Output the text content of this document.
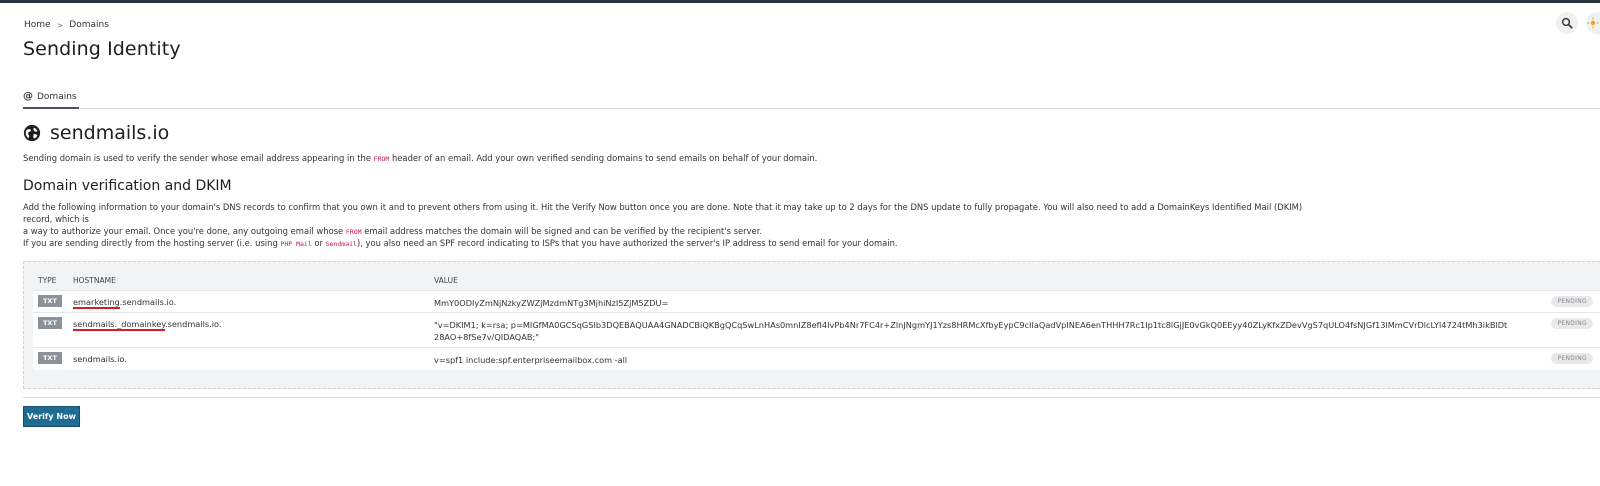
Home > Domains
Sending Identity
@ Domains
sendmails.io

Sending domain is used to verify the sender whose email address appearing in the FROM header of an email. Add your own verified sending domains to send emails on behalf of your domain.

Domain verification and DKIM

Add the following information to your domain's DNS records to confirm that you own it and to prevent others from using it. Hit the Verify Now button once you are done. Note that it may take up to 2 days for the DNS update to fully propagate. You will also need to add a DomainKeys Identified Mail (DKIM) record, which is
a way to authorize your email. Once you're done, any outgoing email whose FROM email address matches the domain will be signed and can be verified by the recipient's server.

If you are sending directly from the hosting server (i.e. using PHP Mail or Sendmail), you also need an SPF record indicating to ISPs that you have authorized the server's IP address to send email for your domain.

TYPE	HOSTNAME	VALUE	
TXT	emarketing.sendmails.io.	MmY0ODIyZmNjNzkyZWZjMzdmNTg3MjhiNzI5ZjM5ZDU=	PENDING
TXT	sendmails._domainkey.sendmails.io.	"v=DKIM1; k=rsa; p=MIGfMA0GCSqGSIb3DQEBAQUAA4GNADCBiQKBgQCqSwLnHAs0mnIZ8efI4IvPb4Nr7FC4r+ZlnJNgmYJ1Yzs8HRMcXfbyEypC9cIIaQadVpINEA6enTHHH7Rc1Ip1tc8lGjJE0vGkQ0EEyy40ZLyKfxZDevVgS7qULO4fsNJGf13lMmCVrDlcLYl4724tMh3ikBlDt28AO+8fSe7v/QIDAQAB;"	PENDING
TXT	sendmails.io.	v=spf1 include:spf.enterpriseemailbox.com -all	PENDING
Verify Now
